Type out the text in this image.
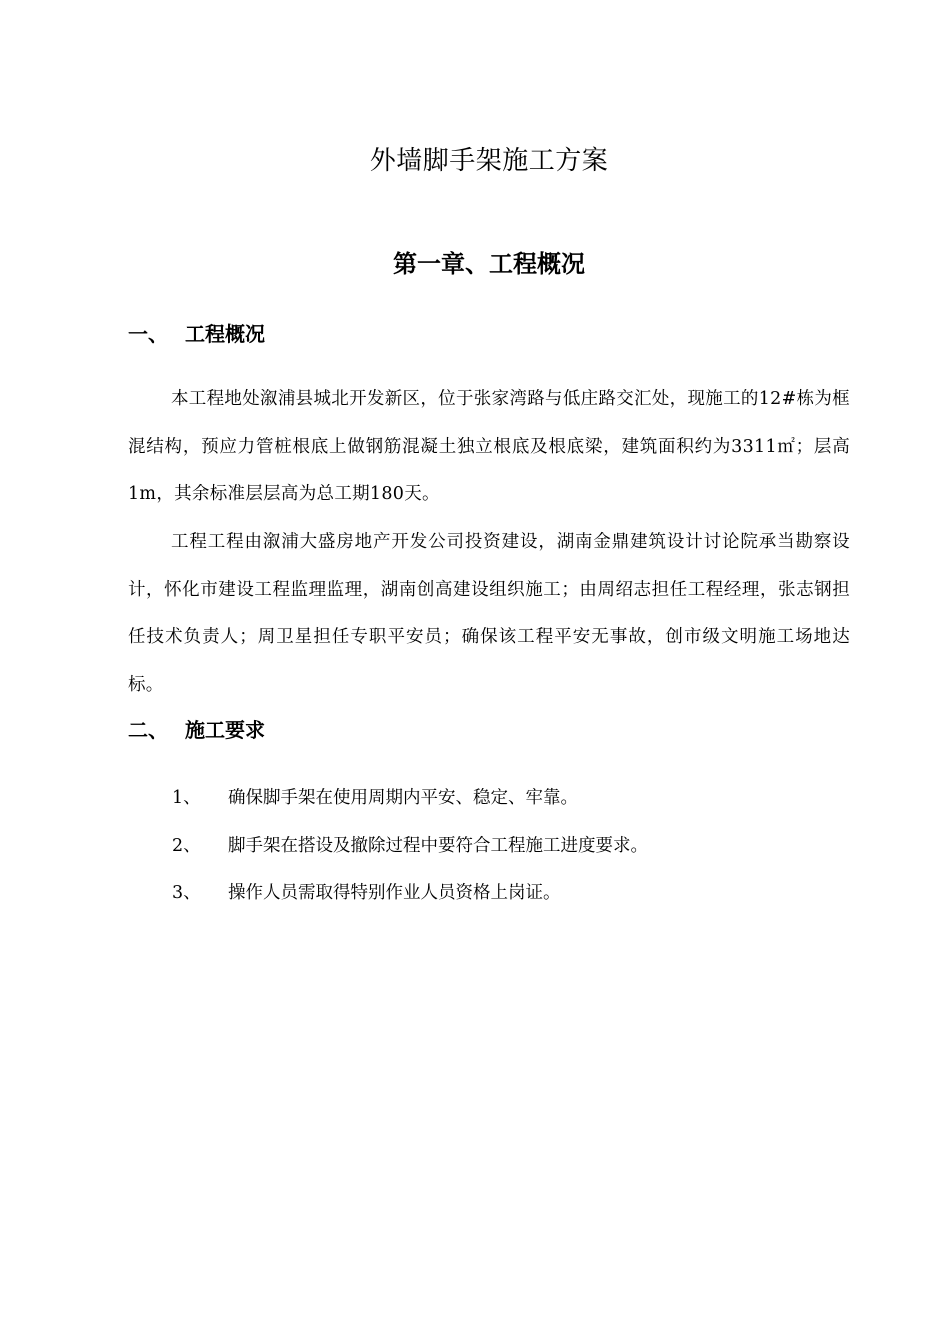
外墙脚手架施工方案
第一章、工程概况
一、 工程概况
本工程地处溆浦县城北开发新区，位于张家湾路与低庄路交汇处，现施工的12#栋为框混结构，预应力管桩根底上做钢筋混凝土独立根底及根底梁，建筑面积约为3311㎡；层高1m，其余标准层层高为总工期180天。
工程工程由溆浦大盛房地产开发公司投资建设，湖南金鼎建筑设计讨论院承当勘察设计，怀化市建设工程监理监理，湖南创高建设组织施工；由周绍志担任工程经理，张志钢担任技术负责人；周卫星担任专职平安员；确保该工程平安无事故，创市级文明施工场地达标。
二、 施工要求
1、 确保脚手架在使用周期内平安、稳定、牢靠。
2、 脚手架在搭设及撤除过程中要符合工程施工进度要求。
3、 操作人员需取得特别作业人员资格上岗证。
